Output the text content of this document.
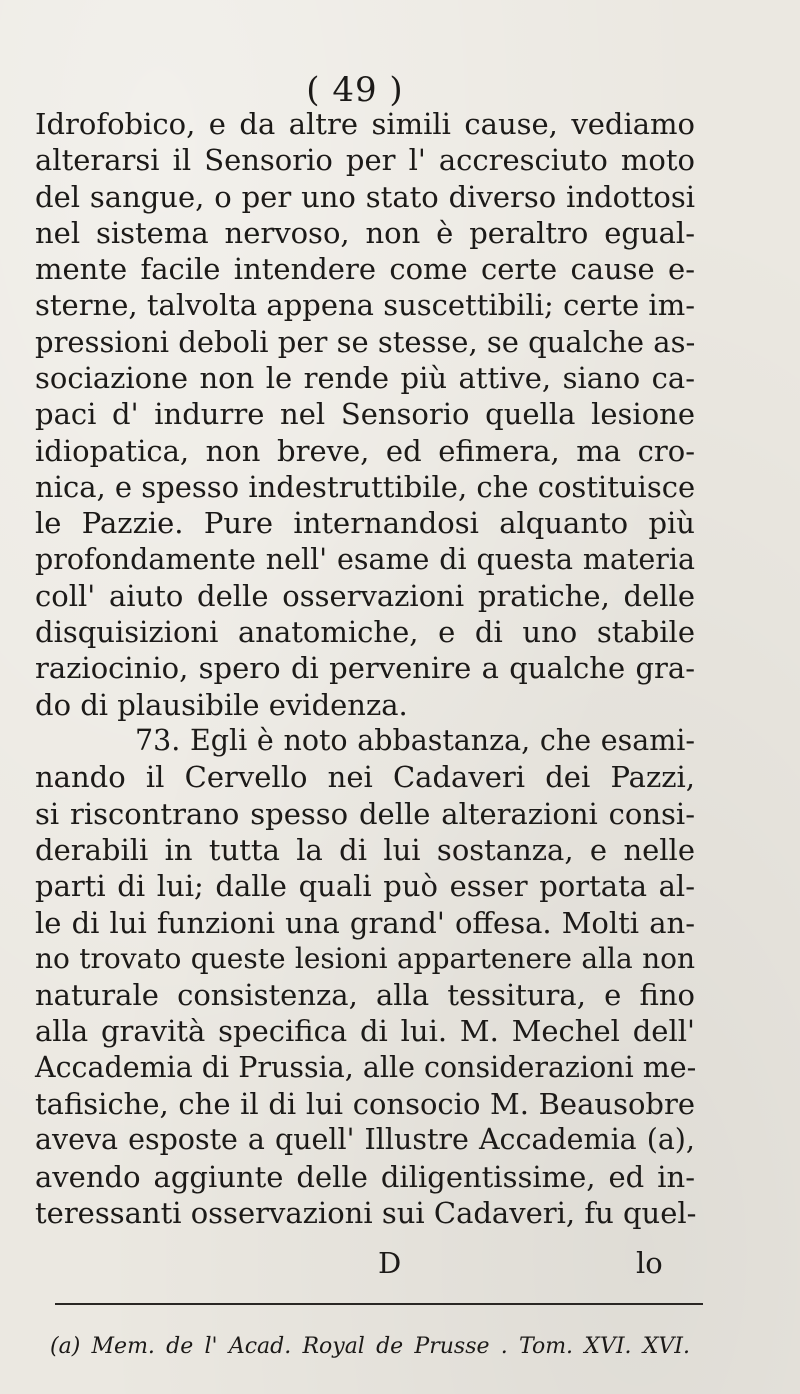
( 49 )
Idrofobico, e da altre simili cause, vediamo
alterarsi il Sensorio per l' accresciuto moto
del sangue, o per uno stato diverso indottosi
nel sistema nervoso, non è peraltro egual-
mente facile intendere come certe cause e-
sterne, talvolta appena suscettibili; certe im-
pressioni deboli per se stesse, se qualche as-
sociazione non le rende più attive, siano ca-
paci d' indurre nel Sensorio quella lesione
idiopatica, non breve, ed efimera, ma cro-
nica, e spesso indestruttibile, che costituisce
le Pazzie. Pure internandosi alquanto più
profondamente nell' esame di questa materia
coll' aiuto delle osservazioni pratiche, delle
disquisizioni anatomiche, e di uno stabile
raziocinio, spero di pervenire a qualche gra-
do di plausibile evidenza.
73. Egli è noto abbastanza, che esami-
nando il Cervello nei Cadaveri dei Pazzi,
si riscontrano spesso delle alterazioni consi-
derabili in tutta la di lui sostanza, e nelle
parti di lui; dalle quali può esser portata al-
le di lui funzioni una grand' offesa. Molti an-
no trovato queste lesioni appartenere alla non
naturale consistenza, alla tessitura, e fino
alla gravità specifica di lui. M. Mechel dell'
Accademia di Prussia, alle considerazioni me-
tafisiche, che il di lui consocio M. Beausobre
aveva esposte a quell' Illustre Accademia (a),
avendo aggiunte delle diligentissime, ed in-
teressanti osservazioni sui Cadaveri, fu quel-
D	lo
(a) Mem. de l' Acad. Royal de Prusse . Tom. XVI. XVI.
